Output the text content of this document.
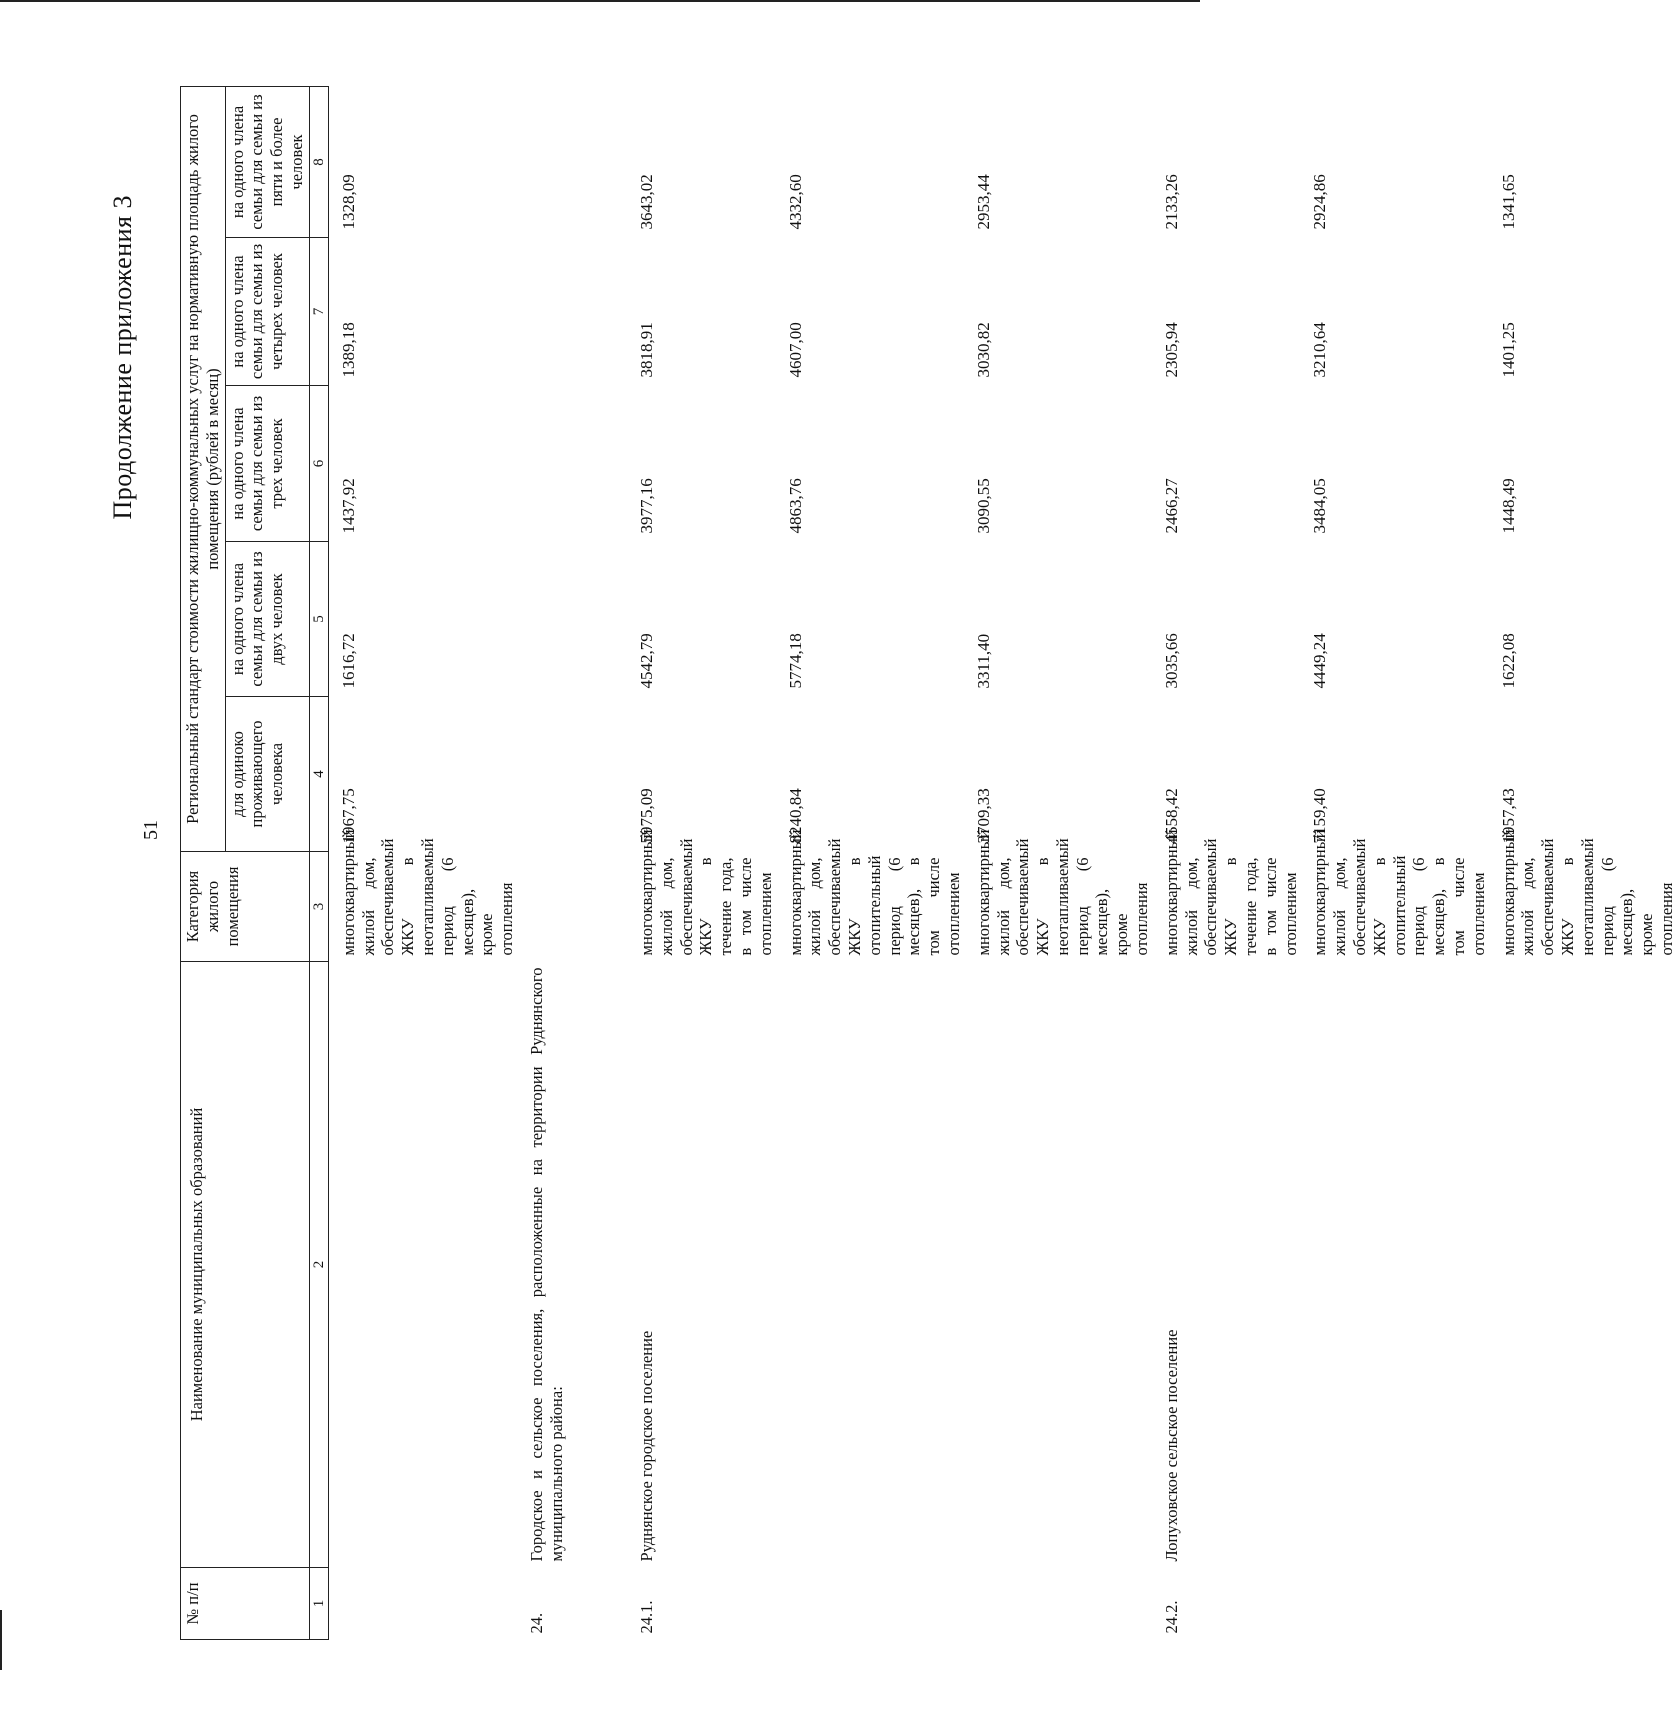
51
Продолжение приложения 3
№ п/п	Наименование муниципальных образований	Категория жилого помещения	Региональный стандарт стоимости жилищно-коммунальных услуг на нормативную площадь жилого помещения (рублей в месяц)				
			для одиноко проживающего человека	на одного члена семьи для семьи из двух человек	на одного члена семьи для семьи из трех человек	на одного члена семьи для семьи из четырех человек	на одного члена семьи для семьи из пяти и более человек
1	2	3	4	5	6	7	8
		многоквартирный жилой дом, обеспечиваемый ЖКУ в неотапливаемый период (6 месяцев), кроме отопления	1967,75	1616,72	1437,92	1389,18	1328,09
24.	Городское и сельское поселения, расположенные на территории Руднянского муниципального района:						
24.1.	Руднянское городское поселение	многоквартирный жилой дом, обеспечиваемый ЖКУ в течение года, в том числе отоплением	5975,09	4542,79	3977,16	3818,91	3643,02
		многоквартирный жилой дом, обеспечиваемый ЖКУ в отопительный период (6 месяцев), в том числе отоплением	8240,84	5774,18	4863,76	4607,00	4332,60
		многоквартирный жилой дом, обеспечиваемый ЖКУ в неотапливаемый период (6 месяцев), кроме отопления	3709,33	3311,40	3090,55	3030,82	2953,44
24.2.	Лопуховское сельское поселение	многоквартирный жилой дом, обеспечиваемый ЖКУ в течение года, в том числе отоплением	4558,42	3035,66	2466,27	2305,94	2133,26
		многоквартирный жилой дом, обеспечиваемый ЖКУ в отопительный период (6 месяцев), в том числе отоплением	7159,40	4449,24	3484,05	3210,64	2924,86
		многоквартирный жилой дом, обеспечиваемый ЖКУ в неотапливаемый период (6 месяцев), кроме отопления	1957,43	1622,08	1448,49	1401,25	1341,65
